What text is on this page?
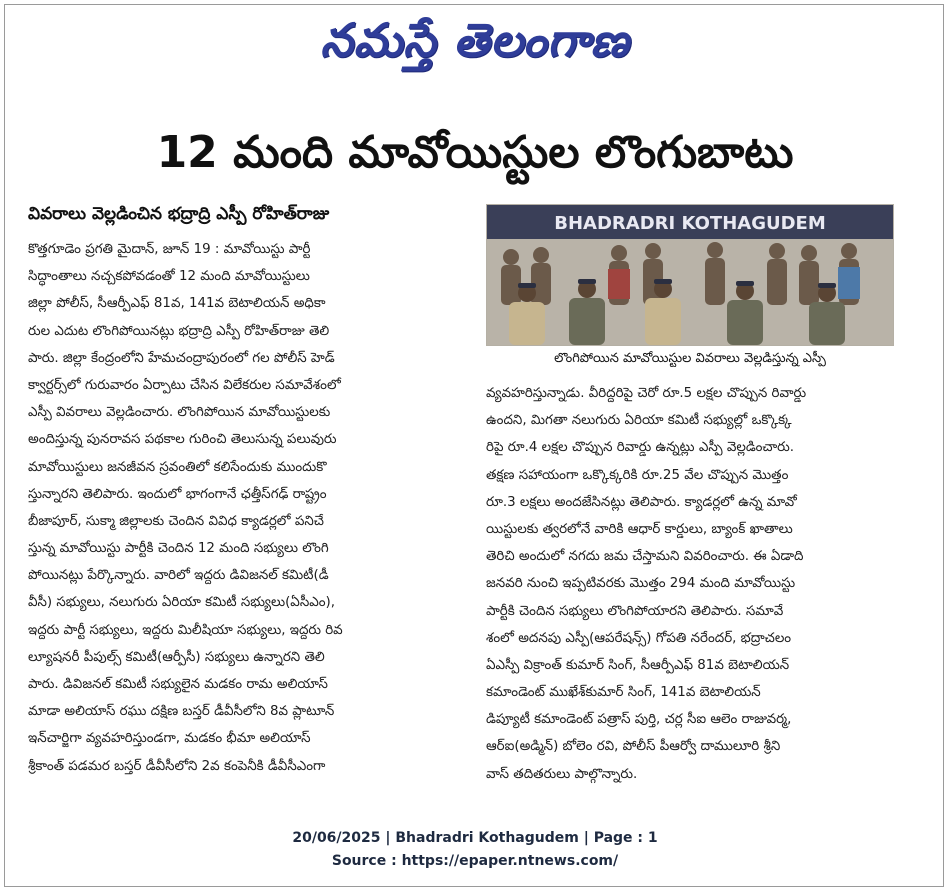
నమస్తే తెలంగాణ
12 మంది మావోయిస్టుల లొంగుబాటు
వివరాలు వెల్లడించిన భద్రాద్రి ఎస్పీ రోహిత్‌రాజు
కొత్తగూడెం ప్రగతి మైదాన్, జూన్ 19 : మావోయిస్టు పార్టీ
సిద్ధాంతాలు నచ్చకపోవడంతో 12 మంది మావోయిస్టులు
జిల్లా పోలీస్, సీఆర్పీఎఫ్ 81వ, 141వ బెటాలియన్ అధికా
రుల ఎదుట లొంగిపోయినట్లు భద్రాద్రి ఎస్పీ రోహిత్‌రాజు తెలి
పారు. జిల్లా కేంద్రంలోని హేమచంద్రాపురంలో గల పోలీస్ హెడ్
క్వార్టర్స్‌లో గురువారం ఏర్పాటు చేసిన విలేకరుల సమావేశంలో
ఎస్పీ వివరాలు వెల్లడించారు. లొంగిపోయిన మావోయిస్టులకు
అందిస్తున్న పునరావస పథకాల గురించి తెలుసున్న పలువురు
మావోయిస్టులు జనజీవన స్రవంతిలో కలిసేందుకు ముందుకొ
స్తున్నారని తెలిపారు. ఇందులో భాగంగానే ఛత్తీస్‌గఢ్ రాష్ట్రం
బీజాపూర్, సుక్మా జిల్లాలకు చెందిన వివిధ క్యాడర్లలో పనిచే
స్తున్న మావోయిస్టు పార్టీకి చెందిన 12 మంది సభ్యులు లొంగి
పోయినట్లు పేర్కొన్నారు. వారిలో ఇద్దరు డివిజనల్ కమిటీ(డీ
వీసీ) సభ్యులు, నలుగురు ఏరియా కమిటీ సభ్యులు(ఏసీఎం),
ఇద్దరు పార్టీ సభ్యులు, ఇద్దరు మిలీషియా సభ్యులు, ఇద్దరు రివ
ల్యూషనరీ పీపుల్స్ కమిటీ(ఆర్పీసీ) సభ్యులు ఉన్నారని తెలి
పారు. డివిజనల్ కమిటీ సభ్యులైన మడకం రామ అలియాస్
మాడా అలియాస్ రఘు దక్షిణ బస్తర్ డీవీసీలోని 8వ ప్లాటూన్
ఇన్‌చార్జిగా వ్యవహరిస్తుండగా, మడకం భీమా అలియాస్
శ్రీకాంత్ పడమర బస్తర్ డీవీసీలోని 2వ కంపెనీకి డీవీసీఎంగా
BHADRADRI KOTHAGUDEM
లొంగిపోయిన మావోయిస్టుల వివరాలు వెల్లడిస్తున్న ఎస్పీ
వ్యవహరిస్తున్నాడు. వీరిద్దరిపై చెరో రూ.5 లక్షల చొప్పున రివార్డు
ఉందని, మిగతా నలుగురు ఏరియా కమిటీ సభ్యుల్లో ఒక్కొక్క
రిపై రూ.4 లక్షల చొప్పున రివార్డు ఉన్నట్లు ఎస్పీ వెల్లడించారు.
తక్షణ సహాయంగా ఒక్కొక్కరికి రూ.25 వేల చొప్పున మొత్తం
రూ.3 లక్షలు అందజేసినట్లు తెలిపారు. క్యాడర్లలో ఉన్న మావో
యిస్టులకు త్వరలోనే వారికి ఆధార్ కార్డులు, బ్యాంక్ ఖాతాలు
తెరిచి అందులో నగదు జమ చేస్తామని వివరించారు. ఈ ఏడాది
జనవరి నుంచి ఇప్పటివరకు మొత్తం 294 మంది మావోయిస్టు
పార్టీకి చెందిన సభ్యులు లొంగిపోయారని తెలిపారు. సమావే
శంలో అదనపు ఎస్పీ(ఆపరేషన్స్) గోపతి నరేందర్, భద్రాచలం
ఏఎస్పీ విక్రాంత్ కుమార్ సింగ్, సీఆర్పీఎఫ్ 81వ బెటాలియన్
కమాండెంట్ ముఖేశ్‌కుమార్ సింగ్, 141వ బెటాలియన్
డిప్యూటీ కమాండెంట్ పత్రాస్ పుర్తి, చర్ల సీఐ ఆలెం రాజువర్మ,
ఆర్ఐ(అడ్మిన్) బోలెం రవి, పోలీస్ పీఆర్వో దాములూరి శ్రీని
వాస్ తదితరులు పాల్గొన్నారు.
20/06/2025 | Bhadradri Kothagudem | Page : 1
Source : https://epaper.ntnews.com/
